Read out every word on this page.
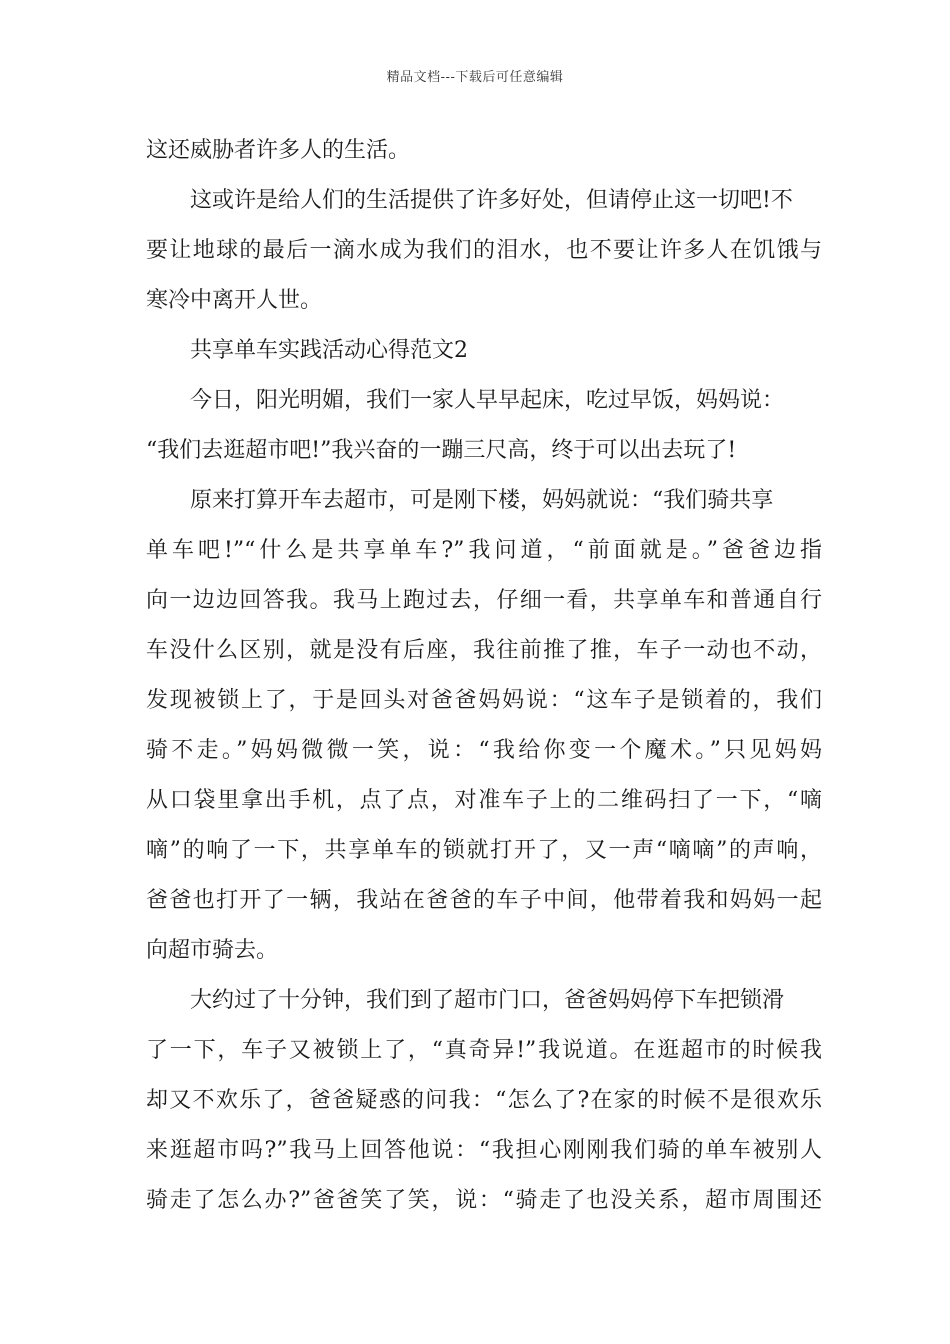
精品文档---下载后可任意编辑
这还威胁者许多人的生活。
这或许是给人们的生活提供了许多好处，但请停止这一切吧!不
要让地球的最后一滴水成为我们的泪水，也不要让许多人在饥饿与
寒冷中离开人世。
共享单车实践活动心得范文2
今日，阳光明媚，我们一家人早早起床，吃过早饭，妈妈说：
“我们去逛超市吧!”我兴奋的一蹦三尺高，终于可以出去玩了!
原来打算开车去超市，可是刚下楼，妈妈就说：“我们骑共享
单车吧!”“什么是共享单车?”我问道，“前面就是。”爸爸边指
向一边边回答我。我马上跑过去，仔细一看，共享单车和普通自行
车没什么区别，就是没有后座，我往前推了推，车子一动也不动，
发现被锁上了，于是回头对爸爸妈妈说：“这车子是锁着的，我们
骑不走。”妈妈微微一笑，说：“我给你变一个魔术。”只见妈妈
从口袋里拿出手机，点了点，对准车子上的二维码扫了一下，“嘀
嘀”的响了一下，共享单车的锁就打开了，又一声“嘀嘀”的声响，
爸爸也打开了一辆，我站在爸爸的车子中间，他带着我和妈妈一起
向超市骑去。
大约过了十分钟，我们到了超市门口，爸爸妈妈停下车把锁滑
了一下，车子又被锁上了，“真奇异!”我说道。在逛超市的时候我
却又不欢乐了，爸爸疑惑的问我：“怎么了?在家的时候不是很欢乐
来逛超市吗?”我马上回答他说：“我担心刚刚我们骑的单车被别人
骑走了怎么办?”爸爸笑了笑，说：“骑走了也没关系，超市周围还
